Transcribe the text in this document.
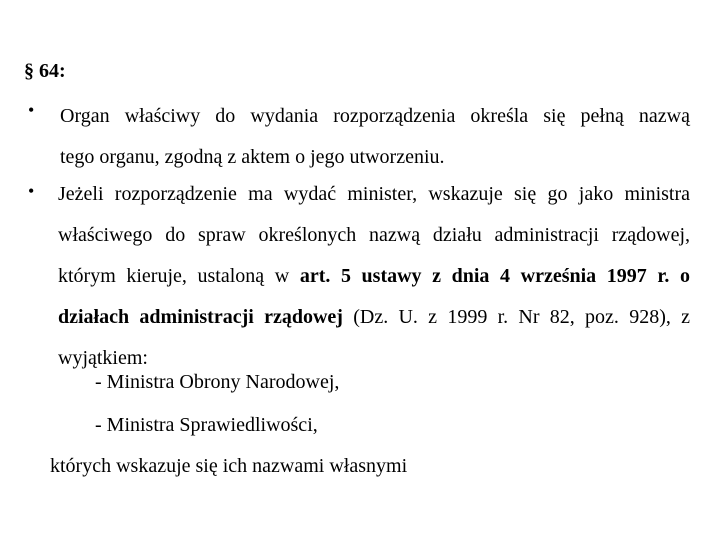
§ 64:
•	Organ właściwy do wydania rozporządzenia określa się pełną nazwą
tego organu, zgodną z aktem o jego utworzeniu.
•	Jeżeli rozporządzenie ma wydać minister, wskazuje się go jako ministra
właściwego do spraw określonych nazwą działu administracji rządowej,
którym kieruje, ustaloną w art. 5 ustawy z dnia 4 września 1997 r. o
działach administracji rządowej (Dz. U. z 1999 r. Nr 82, poz. 928), z
wyjątkiem:
- Ministra Obrony Narodowej,
- Ministra Sprawiedliwości,
których wskazuje się ich nazwami własnymi
